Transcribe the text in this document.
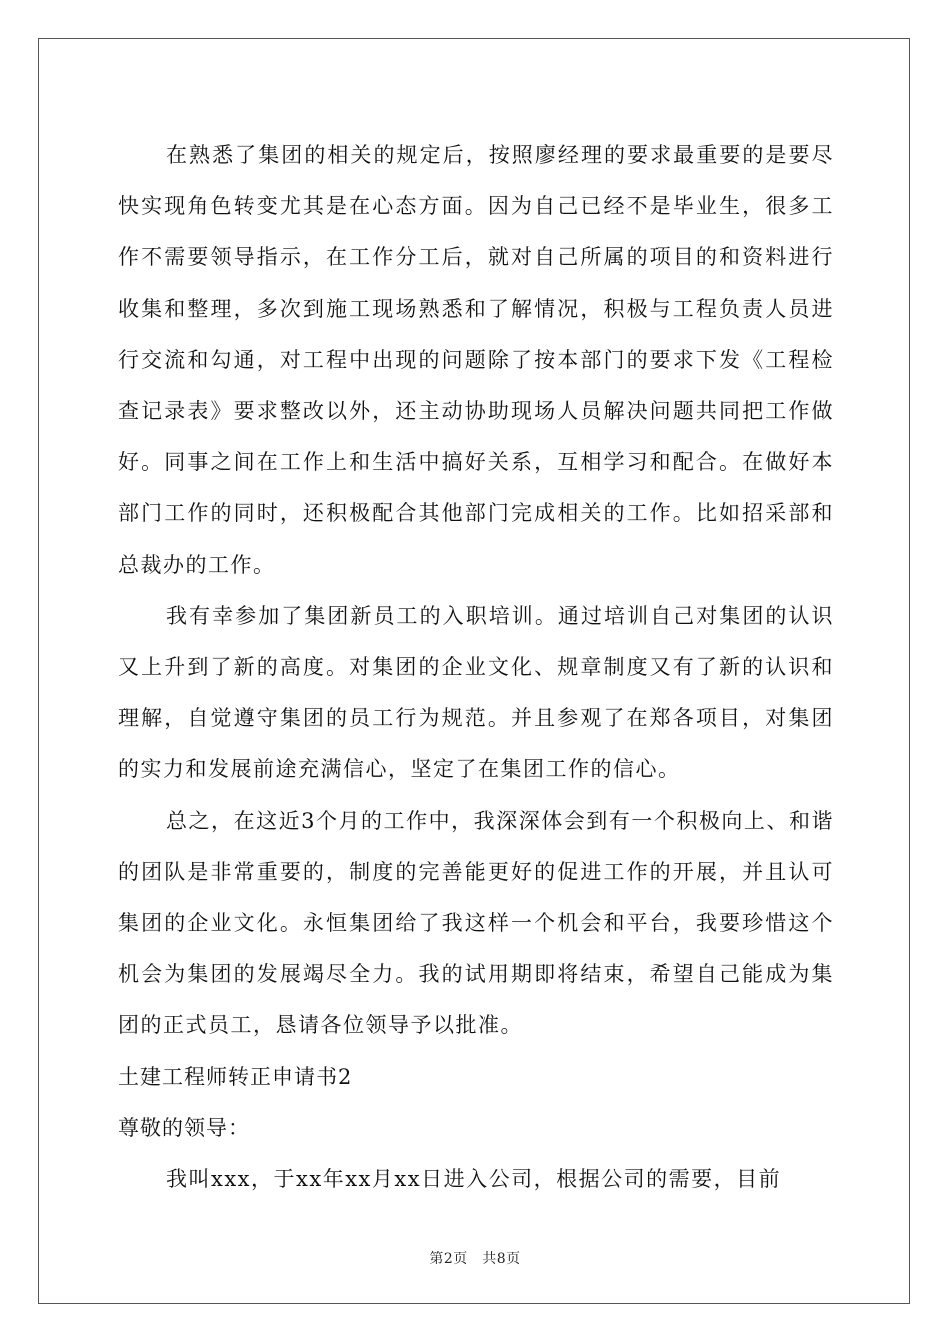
在熟悉了集团的相关的规定后，按照廖经理的要求最重要的是要尽快实现角色转变尤其是在心态方面。因为自己已经不是毕业生，很多工作不需要领导指示，在工作分工后，就对自己所属的项目的和资料进行收集和整理，多次到施工现场熟悉和了解情况，积极与工程负责人员进行交流和勾通，对工程中出现的问题除了按本部门的要求下发《工程检查记录表》要求整改以外，还主动协助现场人员解决问题共同把工作做好。同事之间在工作上和生活中搞好关系，互相学习和配合。在做好本部门工作的同时，还积极配合其他部门完成相关的工作。比如招采部和总裁办的工作。

我有幸参加了集团新员工的入职培训。通过培训自己对集团的认识又上升到了新的高度。对集团的企业文化、规章制度又有了新的认识和理解，自觉遵守集团的员工行为规范。并且参观了在郑各项目，对集团的实力和发展前途充满信心，坚定了在集团工作的信心。

总之，在这近3个月的工作中，我深深体会到有一个积极向上、和谐的团队是非常重要的，制度的完善能更好的促进工作的开展，并且认可集团的企业文化。永恒集团给了我这样一个机会和平台，我要珍惜这个机会为集团的发展竭尽全力。我的试用期即将结束，希望自己能成为集团的正式员工，恳请各位领导予以批准。

土建工程师转正申请书2

尊敬的领导：

我叫xxx，于xx年xx月xx日进入公司，根据公司的需要，目前

第2页　共8页
